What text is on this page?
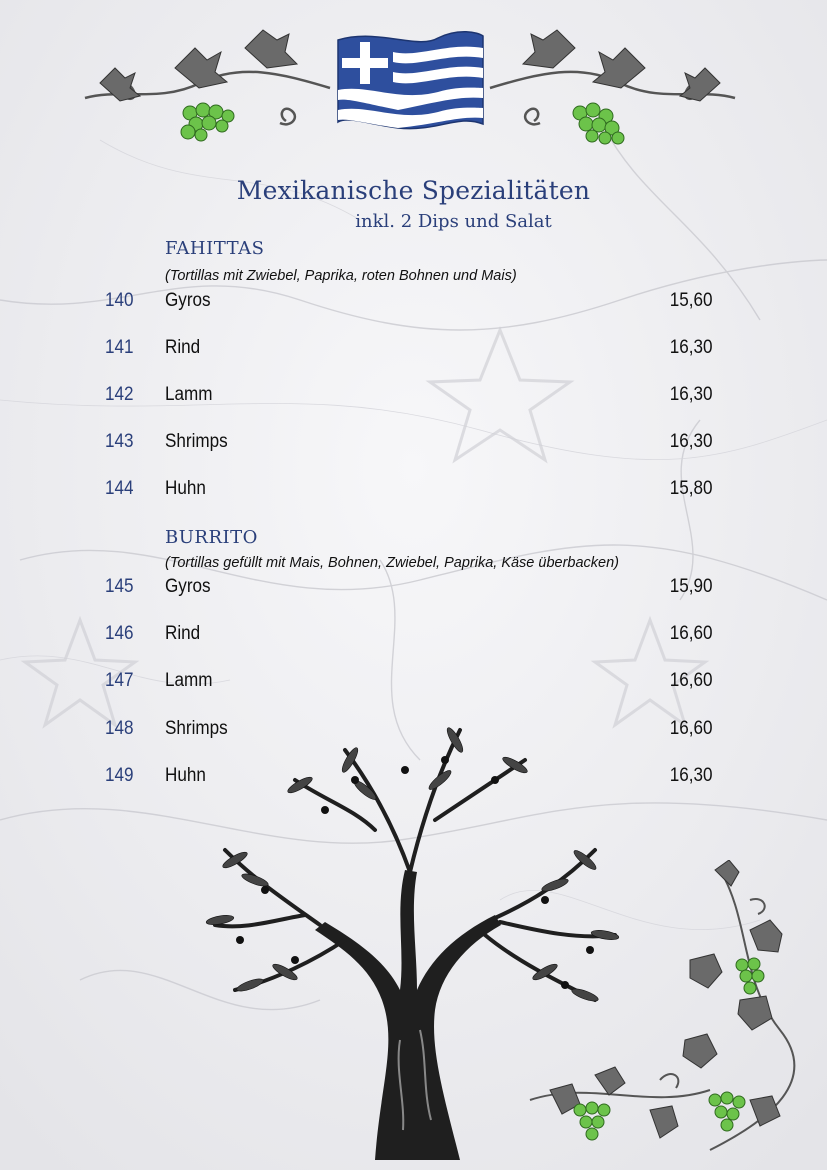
Mexikanische Spezialitäten
inkl. 2 Dips und Salat
FAHITTAS
(Tortillas mit Zwiebel, Paprika, roten Bohnen und Mais)
140 Gyros	15,60
141 Rind	16,30
142 Lamm	16,30
143 Shrimps	16,30
144 Huhn	15,80
BURRITO
(Tortillas gefüllt mit Mais, Bohnen, Zwiebel, Paprika, Käse überbacken)
145 Gyros	15,90
146 Rind	16,60
147 Lamm	16,60
148 Shrimps	16,60
149 Huhn	16,30
